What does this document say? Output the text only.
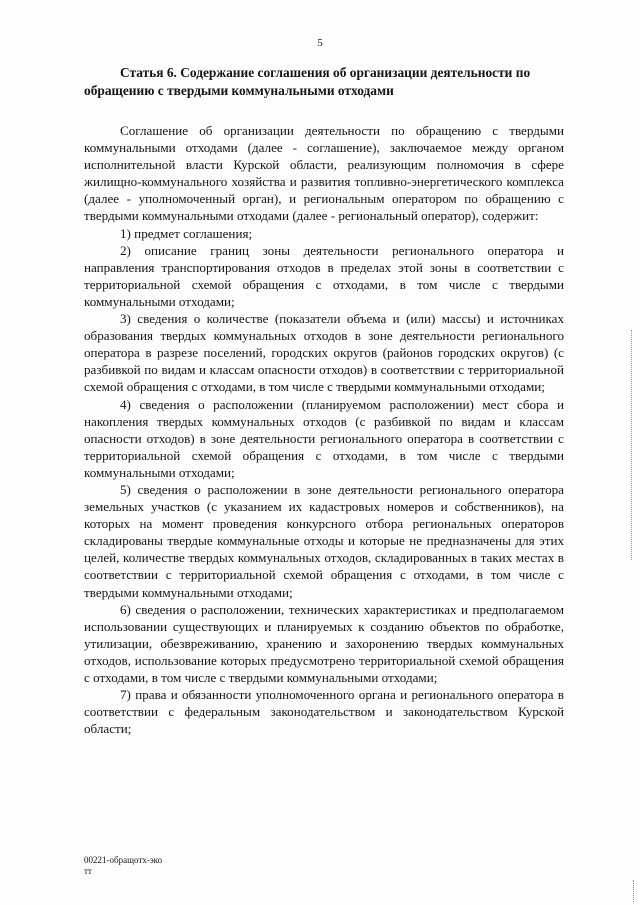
5
Статья 6. Содержание соглашения об организации деятельности по обращению с твердыми коммунальными отходами

Соглашение об организации деятельности по обращению с твердыми коммунальными отходами (далее - соглашение), заключаемое между органом исполнительной власти Курской области, реализующим полномочия в сфере жилищно-коммунального хозяйства и развития топливно-энергетического комплекса (далее - уполномоченный орган), и региональным оператором по обращению с твердыми коммунальными отходами (далее - региональный оператор), содержит:

1) предмет соглашения;

2) описание границ зоны деятельности регионального оператора и направления транспортирования отходов в пределах этой зоны в соответствии с территориальной схемой обращения с отходами, в том числе с твердыми коммунальными отходами;

3) сведения о количестве (показатели объема и (или) массы) и источниках образования твердых коммунальных отходов в зоне деятельности регионального оператора в разрезе поселений, городских округов (районов городских округов) (с разбивкой по видам и классам опасности отходов) в соответствии с территориальной схемой обращения с отходами, в том числе с твердыми коммунальными отходами;

4) сведения о расположении (планируемом расположении) мест сбора и накопления твердых коммунальных отходов (с разбивкой по видам и классам опасности отходов) в зоне деятельности регионального оператора в соответствии с территориальной схемой обращения с отходами, в том числе с твердыми коммунальными отходами;

5) сведения о расположении в зоне деятельности регионального оператора земельных участков (с указанием их кадастровых номеров и собственников), на которых на момент проведения конкурсного отбора региональных операторов складированы твердые коммунальные отходы и которые не предназначены для этих целей, количестве твердых коммунальных отходов, складированных в таких местах в соответствии с территориальной схемой обращения с отходами, в том числе с твердыми коммунальными отходами;

6) сведения о расположении, технических характеристиках и предполагаемом использовании существующих и планируемых к созданию объектов по обработке, утилизации, обезвреживанию, хранению и захоронению твердых коммунальных отходов, использование которых предусмотрено территориальной схемой обращения с отходами, в том числе с твердыми коммунальными отходами;

7) права и обязанности уполномоченного органа и регионального оператора в соответствии с федеральным законодательством и законодательством Курской области;

00221-обращотх-эко
тт
